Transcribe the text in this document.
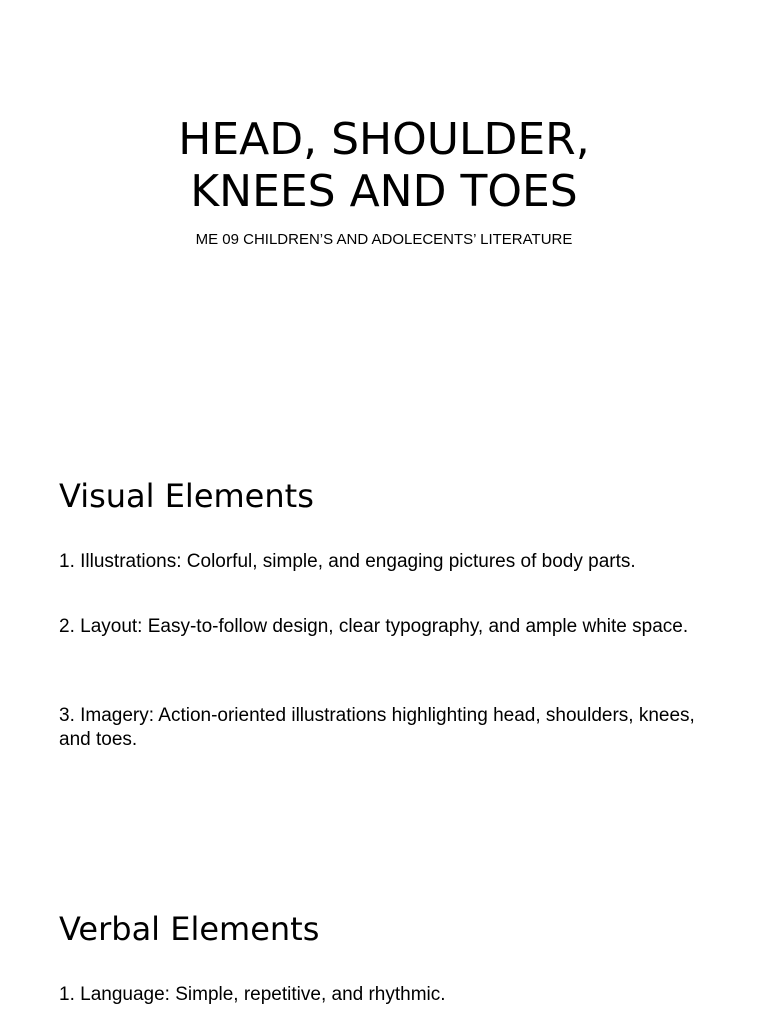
HEAD, SHOULDER,
KNEES AND TOES

ME 09 CHILDREN’S AND ADOLECENTS’ LITERATURE

Visual Elements

1. Illustrations: Colorful, simple, and engaging pictures of body parts.

2. Layout: Easy-to-follow design, clear typography, and ample white space.

3. Imagery: Action-oriented illustrations highlighting head, shoulders, knees, and toes.

Verbal Elements

1. Language: Simple, repetitive, and rhythmic.
